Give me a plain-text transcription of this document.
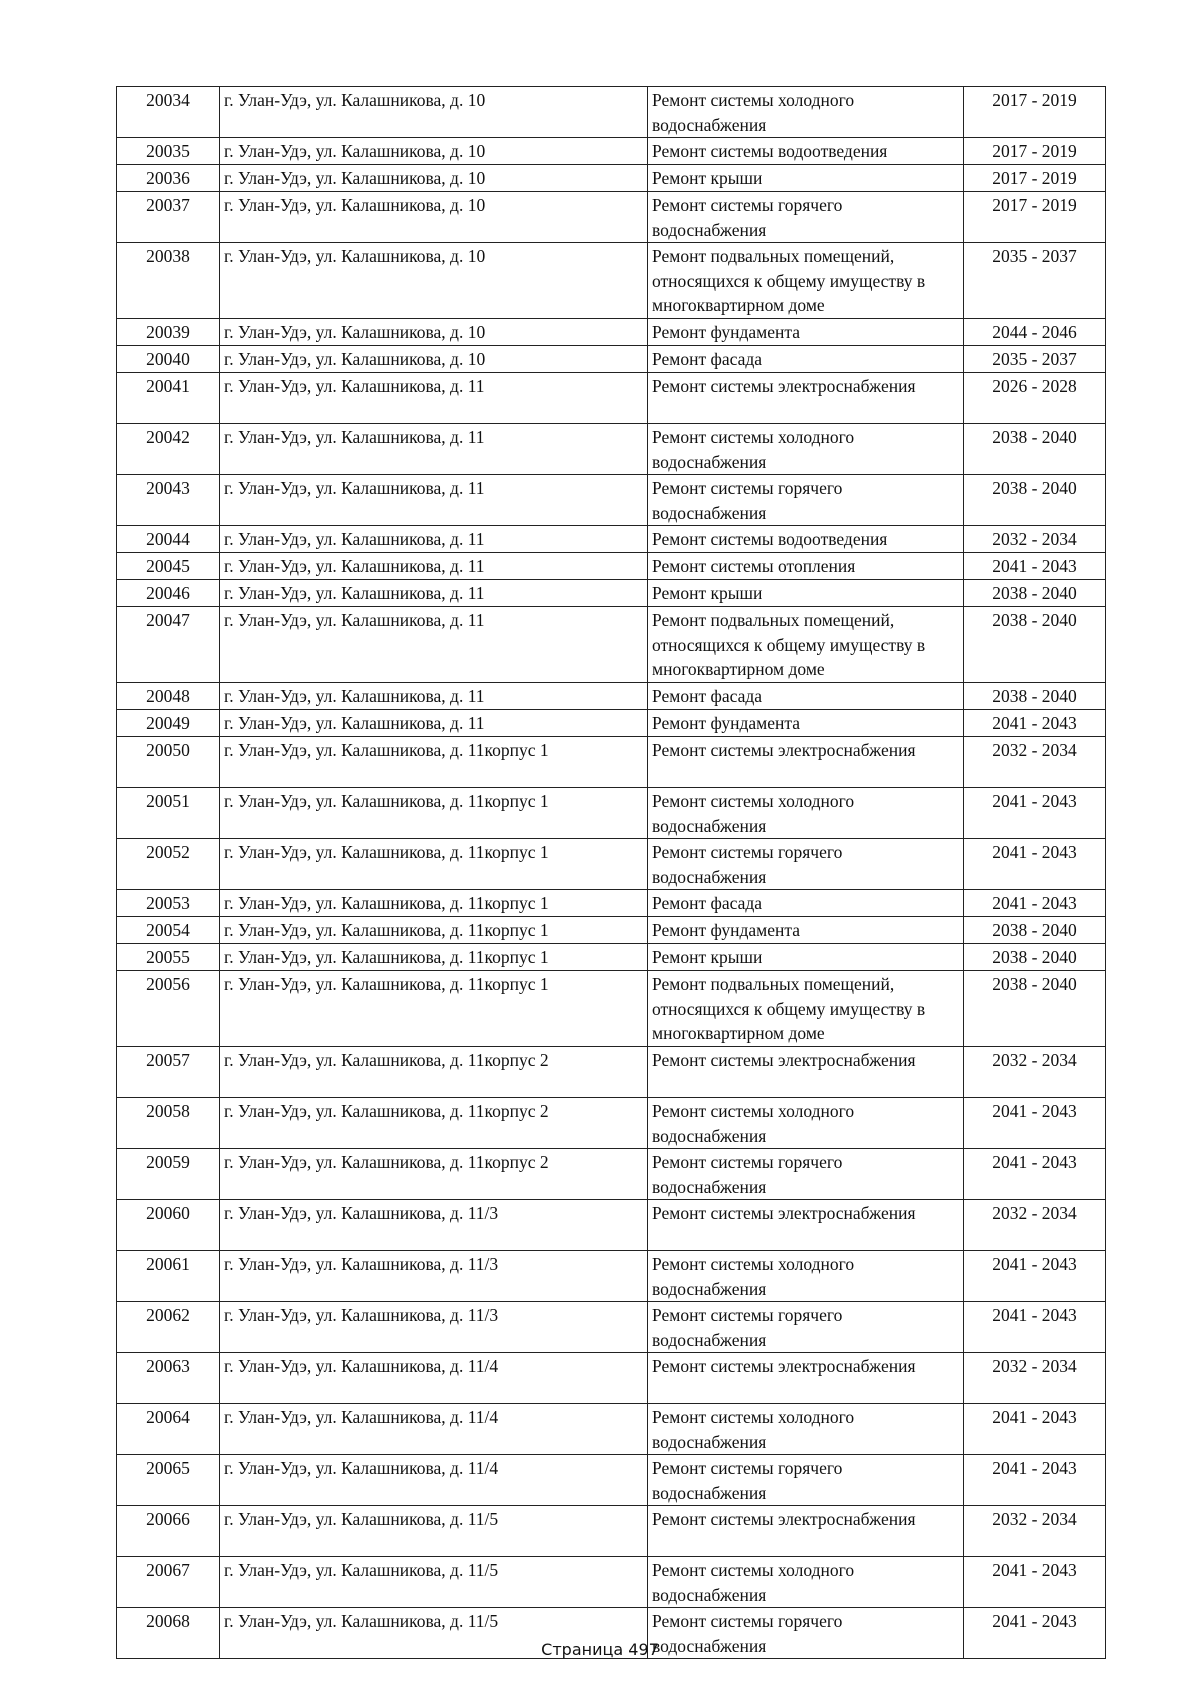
20034	г. Улан-Удэ, ул. Калашникова, д. 10	Ремонт системы холодного водоснабжения	2017 - 2019
20035	г. Улан-Удэ, ул. Калашникова, д. 10	Ремонт системы водоотведения	2017 - 2019
20036	г. Улан-Удэ, ул. Калашникова, д. 10	Ремонт крыши	2017 - 2019
20037	г. Улан-Удэ, ул. Калашникова, д. 10	Ремонт системы горячего водоснабжения	2017 - 2019
20038	г. Улан-Удэ, ул. Калашникова, д. 10	Ремонт подвальных помещений, относящихся к общему имуществу в многоквартирном доме	2035 - 2037
20039	г. Улан-Удэ, ул. Калашникова, д. 10	Ремонт фундамента	2044 - 2046
20040	г. Улан-Удэ, ул. Калашникова, д. 10	Ремонт фасада	2035 - 2037
20041	г. Улан-Удэ, ул. Калашникова, д. 11	Ремонт системы электроснабжения	2026 - 2028
20042	г. Улан-Удэ, ул. Калашникова, д. 11	Ремонт системы холодного водоснабжения	2038 - 2040
20043	г. Улан-Удэ, ул. Калашникова, д. 11	Ремонт системы горячего водоснабжения	2038 - 2040
20044	г. Улан-Удэ, ул. Калашникова, д. 11	Ремонт системы водоотведения	2032 - 2034
20045	г. Улан-Удэ, ул. Калашникова, д. 11	Ремонт системы отопления	2041 - 2043
20046	г. Улан-Удэ, ул. Калашникова, д. 11	Ремонт крыши	2038 - 2040
20047	г. Улан-Удэ, ул. Калашникова, д. 11	Ремонт подвальных помещений, относящихся к общему имуществу в многоквартирном доме	2038 - 2040
20048	г. Улан-Удэ, ул. Калашникова, д. 11	Ремонт фасада	2038 - 2040
20049	г. Улан-Удэ, ул. Калашникова, д. 11	Ремонт фундамента	2041 - 2043
20050	г. Улан-Удэ, ул. Калашникова, д. 11корпус 1	Ремонт системы электроснабжения	2032 - 2034
20051	г. Улан-Удэ, ул. Калашникова, д. 11корпус 1	Ремонт системы холодного водоснабжения	2041 - 2043
20052	г. Улан-Удэ, ул. Калашникова, д. 11корпус 1	Ремонт системы горячего водоснабжения	2041 - 2043
20053	г. Улан-Удэ, ул. Калашникова, д. 11корпус 1	Ремонт фасада	2041 - 2043
20054	г. Улан-Удэ, ул. Калашникова, д. 11корпус 1	Ремонт фундамента	2038 - 2040
20055	г. Улан-Удэ, ул. Калашникова, д. 11корпус 1	Ремонт крыши	2038 - 2040
20056	г. Улан-Удэ, ул. Калашникова, д. 11корпус 1	Ремонт подвальных помещений, относящихся к общему имуществу в многоквартирном доме	2038 - 2040
20057	г. Улан-Удэ, ул. Калашникова, д. 11корпус 2	Ремонт системы электроснабжения	2032 - 2034
20058	г. Улан-Удэ, ул. Калашникова, д. 11корпус 2	Ремонт системы холодного водоснабжения	2041 - 2043
20059	г. Улан-Удэ, ул. Калашникова, д. 11корпус 2	Ремонт системы горячего водоснабжения	2041 - 2043
20060	г. Улан-Удэ, ул. Калашникова, д. 11/3	Ремонт системы электроснабжения	2032 - 2034
20061	г. Улан-Удэ, ул. Калашникова, д. 11/3	Ремонт системы холодного водоснабжения	2041 - 2043
20062	г. Улан-Удэ, ул. Калашникова, д. 11/3	Ремонт системы горячего водоснабжения	2041 - 2043
20063	г. Улан-Удэ, ул. Калашникова, д. 11/4	Ремонт системы электроснабжения	2032 - 2034
20064	г. Улан-Удэ, ул. Калашникова, д. 11/4	Ремонт системы холодного водоснабжения	2041 - 2043
20065	г. Улан-Удэ, ул. Калашникова, д. 11/4	Ремонт системы горячего водоснабжения	2041 - 2043
20066	г. Улан-Удэ, ул. Калашникова, д. 11/5	Ремонт системы электроснабжения	2032 - 2034
20067	г. Улан-Удэ, ул. Калашникова, д. 11/5	Ремонт системы холодного водоснабжения	2041 - 2043
20068	г. Улан-Удэ, ул. Калашникова, д. 11/5	Ремонт системы горячего водоснабжения	2041 - 2043
Страница 497
